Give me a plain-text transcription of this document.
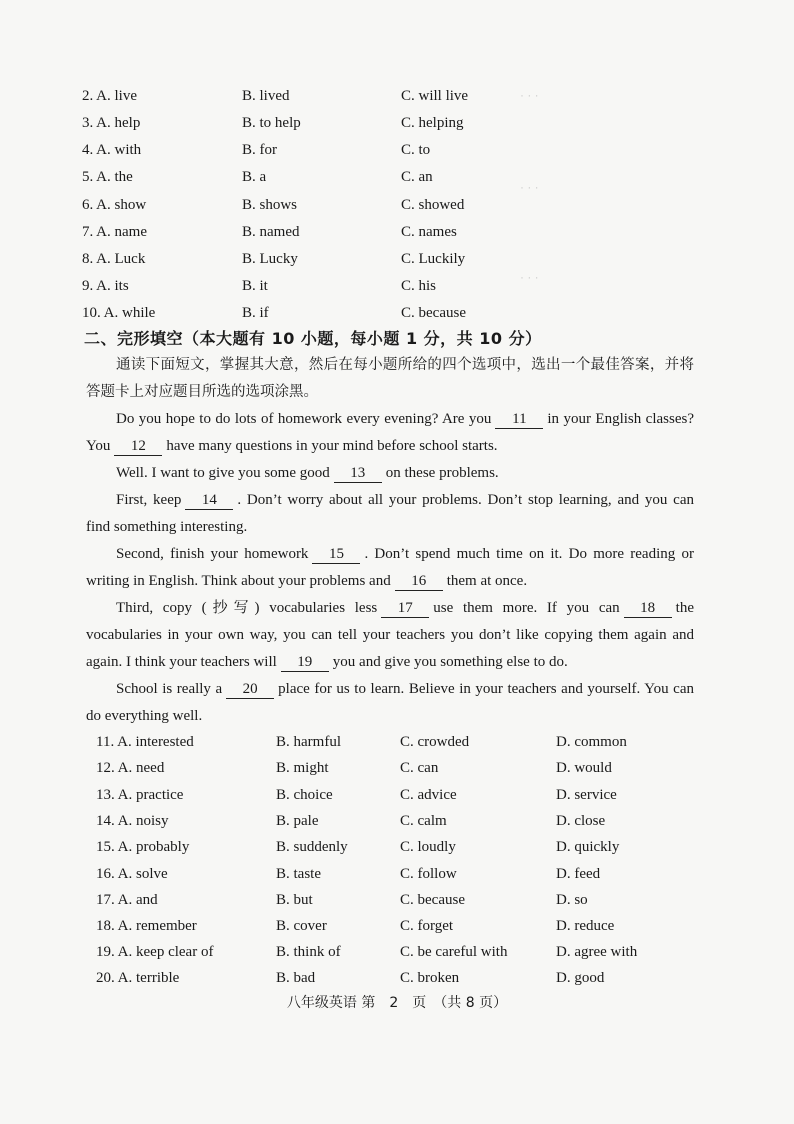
· · ·
· · ·
· · ·
2. A. live	B. lived	C. will live
3. A. help	B. to help	C. helping
4. A. with	B. for	C. to
5. A. the	B. a	C. an
6. A. show	B. shows	C. showed
7. A. name	B. named	C. names
8. A. Luck	B. Lucky	C. Luckily
9. A. its	B. it	C. his
10. A. while	B. if	C. because
二、完形填空（本大题有 10 小题，每小题 1 分，共 10 分）
通读下面短文，掌握其大意，然后在每小题所给的四个选项中，选出一个最佳答案，并将答题卡上对应题目所选的选项涂黑。
Do you hope to do lots of homework every evening? Are you 11 in your English classes? You 12 have many questions in your mind before school starts.
Well. I want to give you some good 13 on these problems.
First, keep 14 . Don’t worry about all your problems. Don’t stop learning, and you can find something interesting.
Second, finish your homework 15 . Don’t spend much time on it. Do more reading or writing in English. Think about your problems and 16 them at once.
Third, copy (抄写) vocabularies less 17 use them more. If you can 18 the vocabularies in your own way, you can tell your teachers you don’t like copying them again and again. I think your teachers will 19 you and give you something else to do.
School is really a 20 place for us to learn. Believe in your teachers and yourself. You can do everything well.
11. A. interested	B. harmful	C. crowded	D. common
12. A. need	B. might	C. can	D. would
13. A. practice	B. choice	C. advice	D. service
14. A. noisy	B. pale	C. calm	D. close
15. A. probably	B. suddenly	C. loudly	D. quickly
16. A. solve	B. taste	C. follow	D. feed
17. A. and	B. but	C. because	D. so
18. A. remember	B. cover	C. forget	D. reduce
19. A. keep clear of	B. think of	C. be careful with	D. agree with
20. A. terrible	B. bad	C. broken	D. good
八年级英语 第　2　页　（共 8 页）
